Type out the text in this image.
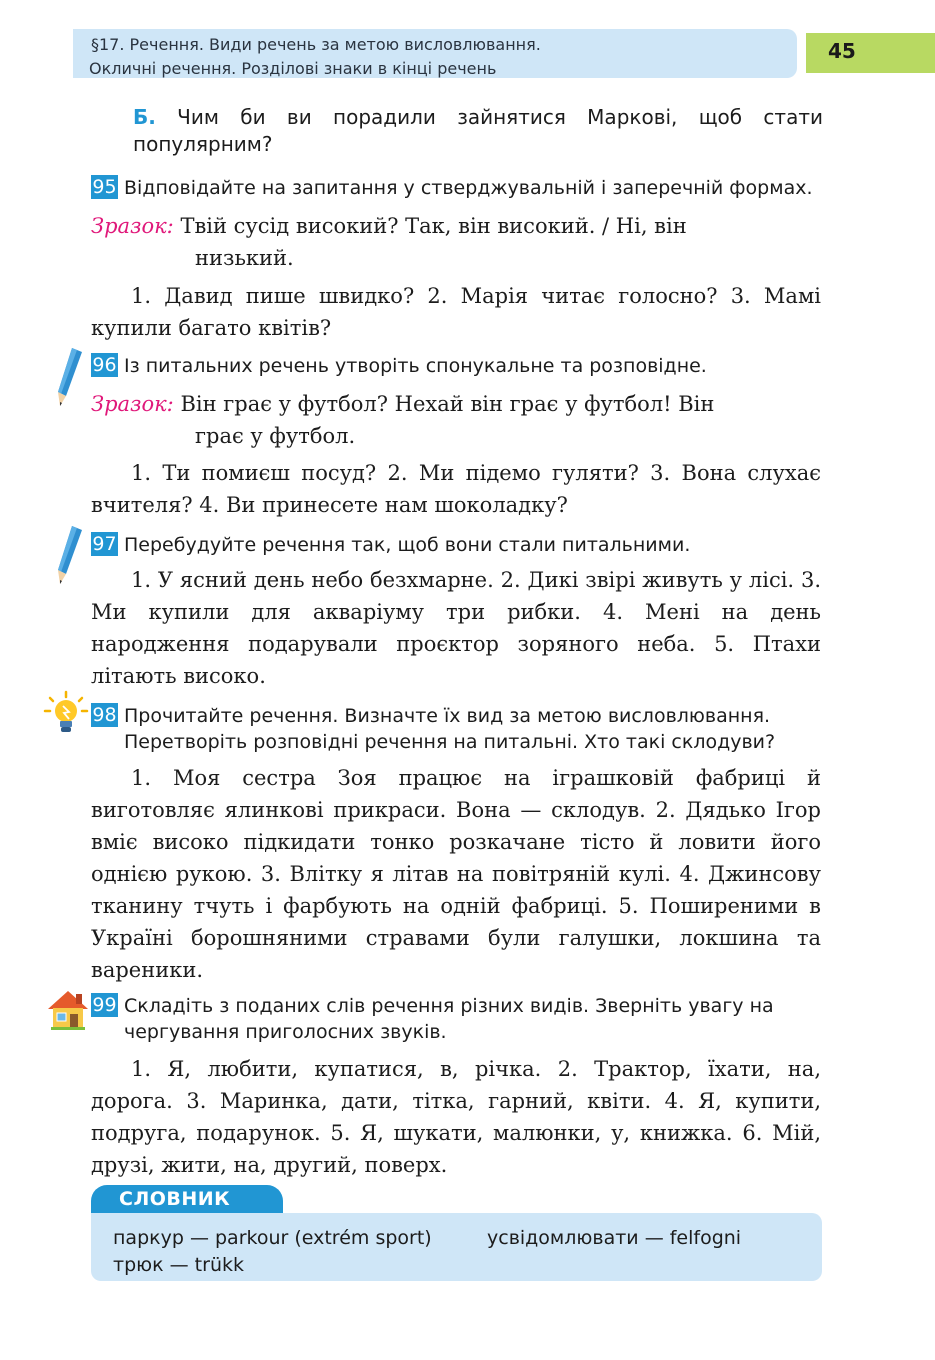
§17. Речення. Види речень за метою висловлювання.
Окличні речення. Розділові знаки в кінці речень
45
Б. Чим би ви порадили зайнятися Маркові, щоб стати популярним?
95 Відповідайте на запитання у стверджувальній і заперечній формах.
Зразок: Твій сусід високий? Так, він високий. / Ні, він
низький.
1. Давид пише швидко? 2. Марія читає голосно? 3. Мамі купили багато квітів?
96 Із питальних речень утворіть спонукальне та розповідне.
Зразок: Він грає у футбол? Нехай він грає у футбол! Він
грає у футбол.
1. Ти помиєш посуд? 2. Ми підемо гуляти? 3. Вона слухає вчителя? 4. Ви принесете нам шоколадку?
97 Перебудуйте речення так, щоб вони стали питальними.
1. У ясний день небо безхмарне. 2. Дикі звірі живуть у лісі. 3. Ми купили для акваріуму три рибки. 4. Мені на день народження подарували проєктор зоряного неба. 5. Птахи літають високо.
98 Прочитайте речення. Визначте їх вид за метою висловлювання. Перетворіть розповідні речення на питальні. Хто такі склодуви?
1. Моя сестра Зоя працює на іграшковій фабриці й виготовляє ялинкові прикраси. Вона — склодув. 2. Дядько Ігор вміє високо підкидати тонко розкачане тісто й ловити його однією рукою. 3. Влітку я літав на повітряній кулі. 4. Джинсову тканину тчуть і фарбують на одній фабриці. 5. Поширеними в Україні борошняними стравами були галушки, локшина та вареники.
99 Складіть з поданих слів речення різних видів. Зверніть увагу на чергування приголосних звуків.
1. Я, любити, купатися, в, річка. 2. Трактор, їхати, на, дорога. 3. Маринка, дати, тітка, гарний, квіти. 4. Я, купити, подруга, подарунок. 5. Я, шукати, малюнки, у, книжка. 6. Мій, друзі, жити, на, другий, поверх.
СЛОВНИК
паркур — parkour (extrém sport)	усвідомлювати — felfogni
трюк — trükk
